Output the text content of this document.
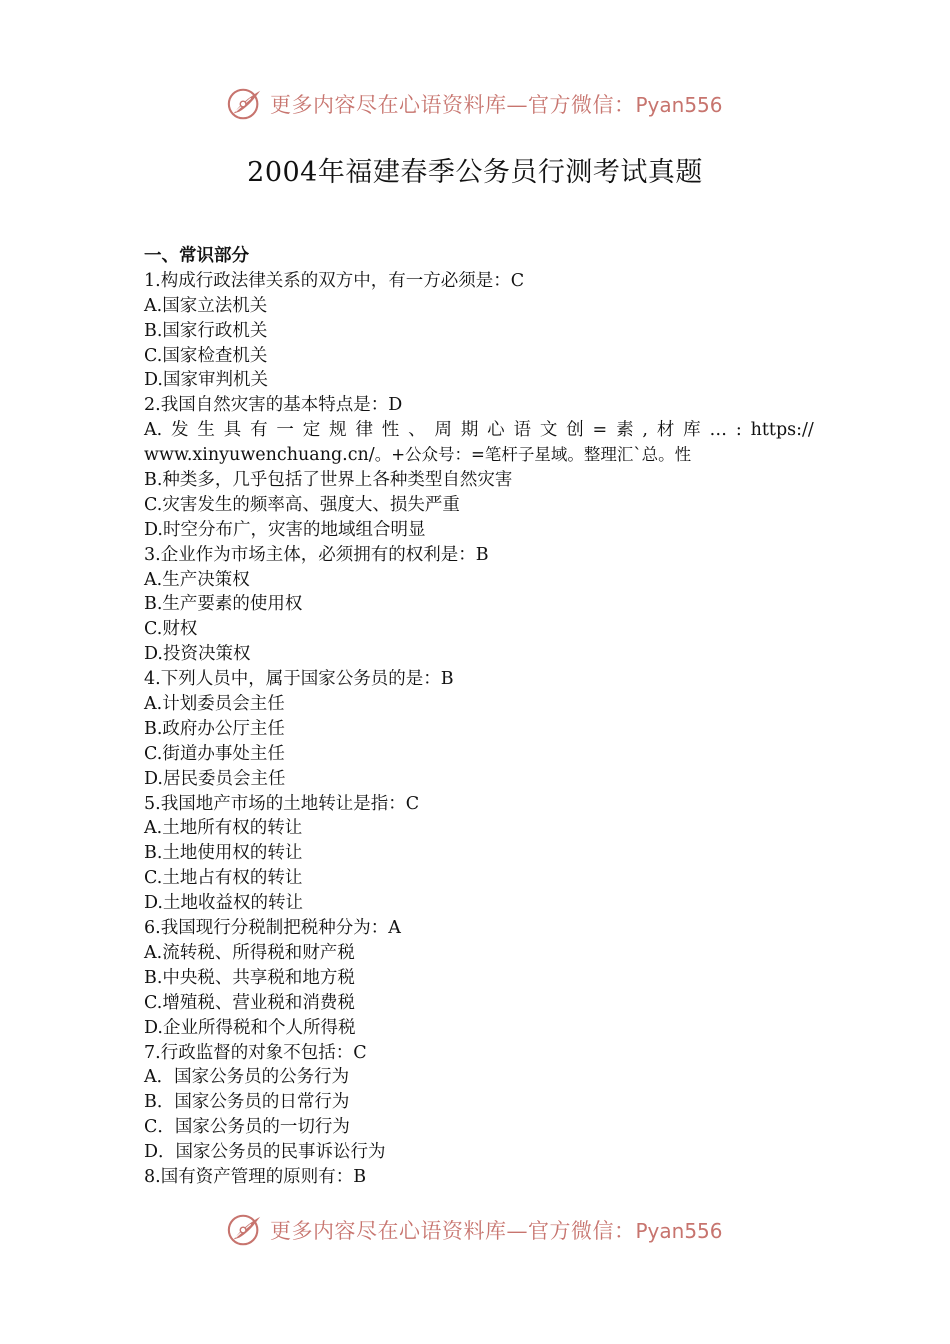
更多内容尽在心语资料库—官方微信：Pyan556
2004年福建春季公务员行测考试真题
一、常识部分
1.构成行政法律关系的双方中，有一方必须是：C
A.国家立法机关
B.国家行政机关
C.国家检查机关
D.国家审判机关
2.我国自然灾害的基本特点是：D
A. 发 生 具 有 一 定 规 律 性 、 周 期 心 语 文 创 = 素 , 材 库 … : https://
www.xinyuwenchuang.cn/。+公众号：=笔杆子星域。整理汇`总。性
B.种类多，几乎包括了世界上各种类型自然灾害
C.灾害发生的频率高、强度大、损失严重
D.时空分布广，灾害的地域组合明显
3.企业作为市场主体，必须拥有的权利是：B
A.生产决策权
B.生产要素的使用权
C.财权
D.投资决策权
4.下列人员中，属于国家公务员的是：B
A.计划委员会主任
B.政府办公厅主任
C.街道办事处主任
D.居民委员会主任
5.我国地产市场的土地转让是指：C
A.土地所有权的转让
B.土地使用权的转让
C.土地占有权的转让
D.土地收益权的转让
6.我国现行分税制把税种分为：A
A.流转税、所得税和财产税
B.中央税、共享税和地方税
C.增殖税、营业税和消费税
D.企业所得税和个人所得税
7.行政监督的对象不包括：C
A．国家公务员的公务行为
B．国家公务员的日常行为
C．国家公务员的一切行为
D．国家公务员的民事诉讼行为
8.国有资产管理的原则有：B
更多内容尽在心语资料库—官方微信：Pyan556
